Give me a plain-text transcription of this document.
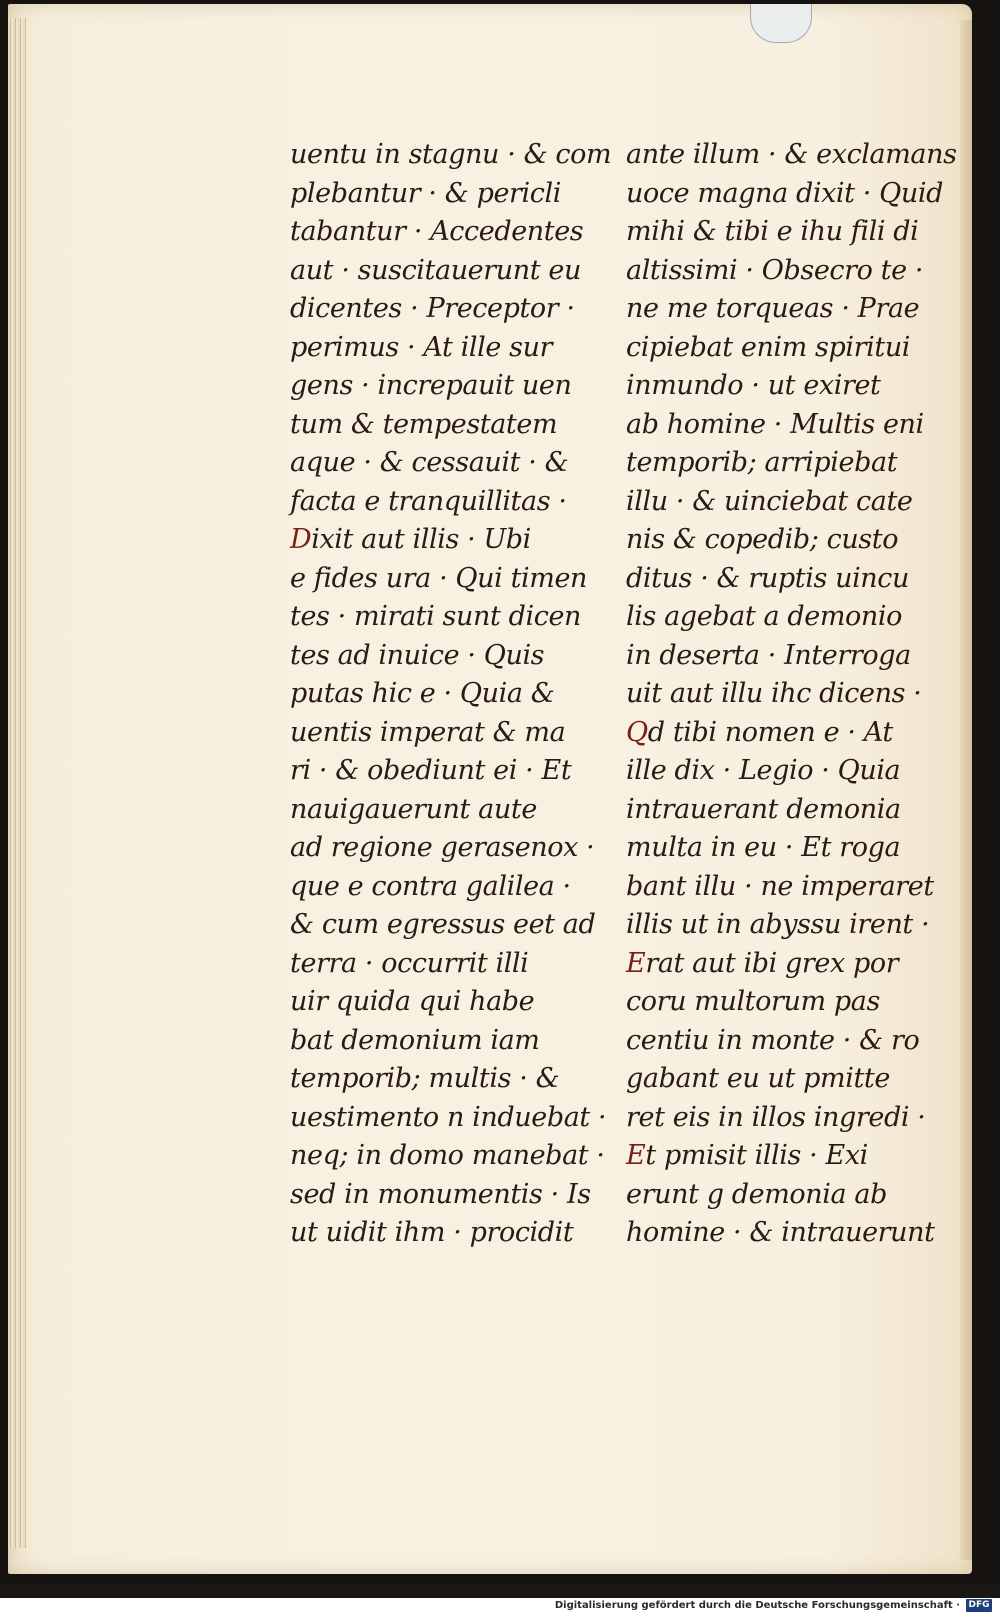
uentu in stagnu · & com
plebantur · & pericli
tabantur · Accedentes
aut · suscitauerunt eu
dicentes · Preceptor ·
perimus · At ille sur
gens · increpauit uen
tum & tempestatem
aque · & cessauit · &
facta e tranquillitas ·
Dixit aut illis · Ubi
e fides ura · Qui timen
tes · mirati sunt dicen
tes ad inuice · Quis
putas hic e · Quia &
uentis imperat & ma
ri · & obediunt ei · Et
nauigauerunt aute
ad regione gerasenox ·
que e contra galilea ·
& cum egressus eet ad
terra · occurrit illi
uir quida qui habe
bat demonium iam
temporib; multis · &
uestimento n induebat ·
neq; in domo manebat ·
sed in monumentis · Is
ut uidit ihm · procidit
ante illum · & exclamans
uoce magna dixit · Quid
mihi & tibi e ihu fili di
altissimi · Obsecro te ·
ne me torqueas · Prae
cipiebat enim spiritui
inmundo · ut exiret
ab homine · Multis eni
temporib; arripiebat
illu · & uinciebat cate
nis & copedib; custo
ditus · & ruptis uincu
lis agebat a demonio
in deserta · Interroga
uit aut illu ihc dicens ·
Qd tibi nomen e · At
ille dix · Legio · Quia
intrauerant demonia
multa in eu · Et roga
bant illu · ne imperaret
illis ut in abyssu irent ·
Erat aut ibi grex por
coru multorum pas
centiu in monte · & ro
gabant eu ut pmitte
ret eis in illos ingredi ·
Et pmisit illis · Exi
erunt g demonia ab
homine · & intrauerunt
Digitalisierung gefördert durch die Deutsche Forschungsgemeinschaft · DFG
